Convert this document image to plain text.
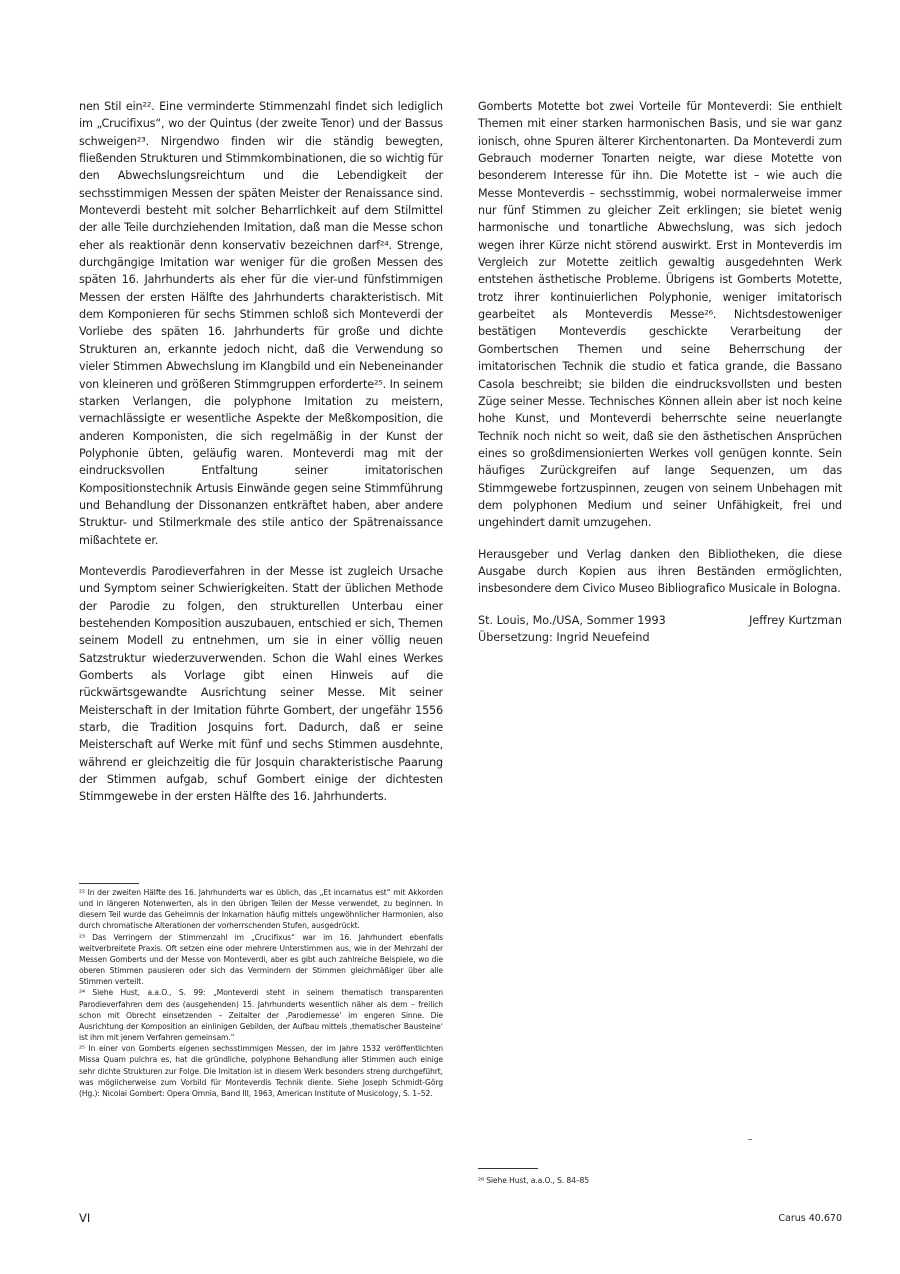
nen Stil ein²². Eine verminderte Stimmenzahl findet sich lediglich im „Crucifixus“, wo der Quintus (der zweite Tenor) und der Bassus schweigen²³. Nirgendwo finden wir die ständig bewegten, fließenden Strukturen und Stimmkombinationen, die so wichtig für den Abwechslungsreichtum und die Lebendigkeit der sechsstimmigen Messen der späten Meister der Renaissance sind. Monteverdi besteht mit solcher Beharrlichkeit auf dem Stilmittel der alle Teile durchziehenden Imitation, daß man die Messe schon eher als reaktionär denn konservativ bezeichnen darf²⁴. Strenge, durchgängige Imitation war weniger für die großen Messen des späten 16. Jahrhunderts als eher für die vier-und fünfstimmigen Messen der ersten Hälfte des Jahrhunderts charakteristisch. Mit dem Komponieren für sechs Stimmen schloß sich Monteverdi der Vorliebe des späten 16. Jahrhunderts für große und dichte Strukturen an, erkannte jedoch nicht, daß die Verwendung so vieler Stimmen Abwechslung im Klangbild und ein Nebeneinander von kleineren und größeren Stimmgruppen erforderte²⁵. In seinem starken Verlangen, die polyphone Imitation zu meistern, vernachlässigte er wesentliche Aspekte der Meßkomposition, die anderen Komponisten, die sich regelmäßig in der Kunst der Polyphonie übten, geläufig waren. Monteverdi mag mit der eindrucksvollen Entfaltung seiner imitatorischen Kompositionstechnik Artusis Einwände gegen seine Stimmführung und Behandlung der Dissonanzen entkräftet haben, aber andere Struktur- und Stilmerkmale des stile antico der Spätrenaissance mißachtete er.

Monteverdis Parodieverfahren in der Messe ist zugleich Ursache und Symptom seiner Schwierigkeiten. Statt der üblichen Methode der Parodie zu folgen, den strukturellen Unterbau einer bestehenden Komposition auszubauen, entschied er sich, Themen seinem Modell zu entnehmen, um sie in einer völlig neuen Satzstruktur wiederzuverwenden. Schon die Wahl eines Werkes Gomberts als Vorlage gibt einen Hinweis auf die rückwärtsgewandte Ausrichtung seiner Messe. Mit seiner Meisterschaft in der Imitation führte Gombert, der ungefähr 1556 starb, die Tradition Josquins fort. Dadurch, daß er seine Meisterschaft auf Werke mit fünf und sechs Stimmen ausdehnte, während er gleichzeitig die für Josquin charakteristische Paarung der Stimmen aufgab, schuf Gombert einige der dichtesten Stimmgewebe in der ersten Hälfte des 16. Jahrhunderts.

Gomberts Motette bot zwei Vorteile für Monteverdi: Sie enthielt Themen mit einer starken harmonischen Basis, und sie war ganz ionisch, ohne Spuren älterer Kirchentonarten. Da Monteverdi zum Gebrauch moderner Tonarten neigte, war diese Motette von besonderem Interesse für ihn. Die Motette ist – wie auch die Messe Monteverdis – sechsstimmig, wobei normalerweise immer nur fünf Stimmen zu gleicher Zeit erklingen; sie bietet wenig harmonische und tonartliche Abwechslung, was sich jedoch wegen ihrer Kürze nicht störend auswirkt. Erst in Monteverdis im Vergleich zur Motette zeitlich gewaltig ausgedehnten Werk entstehen ästhetische Probleme. Übrigens ist Gomberts Motette, trotz ihrer kontinuierlichen Polyphonie, weniger imitatorisch gearbeitet als Monteverdis Messe²⁶. Nichtsdestoweniger bestätigen Monteverdis geschickte Verarbeitung der Gombertschen Themen und seine Beherrschung der imitatorischen Technik die studio et fatica grande, die Bassano Casola beschreibt; sie bilden die eindrucksvollsten und besten Züge seiner Messe. Technisches Können allein aber ist noch keine hohe Kunst, und Monteverdi beherrschte seine neuerlangte Technik noch nicht so weit, daß sie den ästhetischen Ansprüchen eines so großdimensionierten Werkes voll genügen konnte. Sein häufiges Zurückgreifen auf lange Sequenzen, um das Stimmgewebe fortzuspinnen, zeugen von seinem Unbehagen mit dem polyphonen Medium und seiner Unfähigkeit, frei und ungehindert damit umzugehen.

Herausgeber und Verlag danken den Bibliotheken, die diese Ausgabe durch Kopien aus ihren Beständen ermöglichten, insbesondere dem Civico Museo Bibliografico Musicale in Bologna.

St. Louis, Mo./USA, Sommer 1993	Jeffrey Kurtzman

Übersetzung: Ingrid Neuefeind

²² In der zweiten Hälfte des 16. Jahrhunderts war es üblich, das „Et incarnatus est“ mit Akkorden und in längeren Notenwerten, als in den übrigen Teilen der Messe verwendet, zu beginnen. In diesem Teil wurde das Geheimnis der Inkarnation häufig mittels ungewöhnlicher Harmonien, also durch chromatische Alterationen der vorherrschenden Stufen, ausgedrückt.

²³ Das Verringern der Stimmenzahl im „Crucifixus“ war im 16. Jahrhundert ebenfalls weitverbreitete Praxis. Oft setzen eine oder mehrere Unterstimmen aus, wie in der Mehrzahl der Messen Gomberts und der Messe von Monteverdi, aber es gibt auch zahlreiche Beispiele, wo die oberen Stimmen pausieren oder sich das Vermindern der Stimmen gleichmäßiger über alle Stimmen verteilt.

²⁴ Siehe Hust, a.a.O., S. 99: „Monteverdi steht in seinem thematisch transparenten Parodieverfahren dem des (ausgehenden) 15. Jahrhunderts wesentlich näher als dem – freilich schon mit Obrecht einsetzenden – Zeitalter der ‚Parodiemesse‘ im engeren Sinne. Die Ausrichtung der Komposition an einlinigen Gebilden, der Aufbau mittels ‚thematischer Bausteine‘ ist ihm mit jenem Verfahren gemeinsam.“

²⁵ In einer von Gomberts eigenen sechsstimmigen Messen, der im Jahre 1532 veröffentlichten Missa Quam pulchra es, hat die gründliche, polyphone Behandlung aller Stimmen auch einige sehr dichte Strukturen zur Folge. Die Imitation ist in diesem Werk besonders streng durchgeführt, was möglicherweise zum Vorbild für Monteverdis Technik diente. Siehe Joseph Schmidt-Görg (Hg.): Nicolai Gombert: Opera Omnia, Band III, 1963, American Institute of Musicology, S. 1–52.

²⁶ Siehe Hust, a.a.O., S. 84–85

VI	Carus 40.670
